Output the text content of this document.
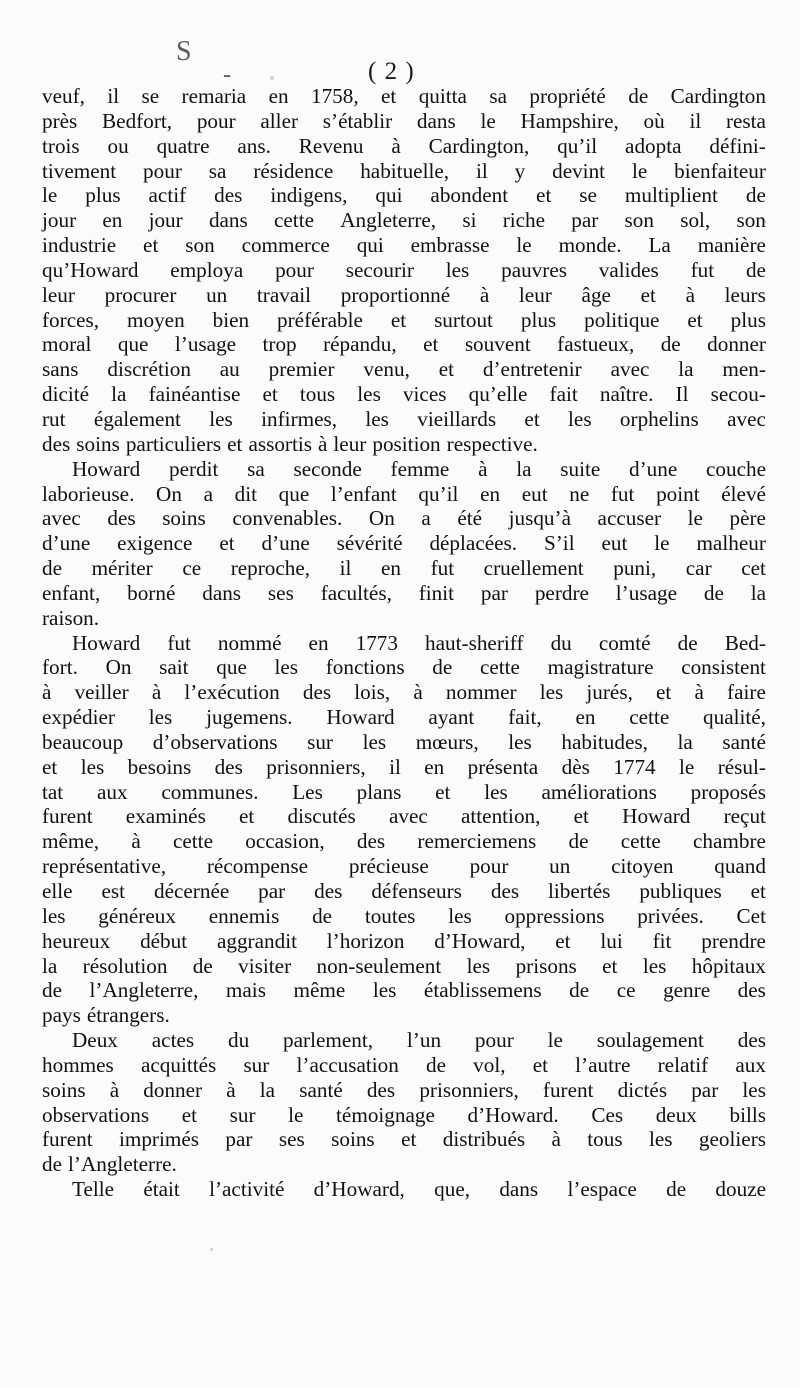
S
-	( 2 )
veuf, il se remaria en 1758, et quitta sa propriété de Cardington
près Bedfort, pour aller s’établir dans le Hampshire, où il resta
trois ou quatre ans. Revenu à Cardington, qu’il adopta défini-
tivement pour sa résidence habituelle, il y devint le bienfaiteur
le plus actif des indigens, qui abondent et se multiplient de
jour en jour dans cette Angleterre, si riche par son sol, son
industrie et son commerce qui embrasse le monde. La manière
qu’Howard employa pour secourir les pauvres valides fut de
leur procurer un travail proportionné à leur âge et à leurs
forces, moyen bien préférable et surtout plus politique et plus
moral que l’usage trop répandu, et souvent fastueux, de donner
sans discrétion au premier venu, et d’entretenir avec la men-
dicité la fainéantise et tous les vices qu’elle fait naître. Il secou-
rut également les infirmes, les vieillards et les orphelins avec
des soins particuliers et assortis à leur position respective.
Howard perdit sa seconde femme à la suite d’une couche
laborieuse. On a dit que l’enfant qu’il en eut ne fut point élevé
avec des soins convenables. On a été jusqu’à accuser le père
d’une exigence et d’une sévérité déplacées. S’il eut le malheur
de mériter ce reproche, il en fut cruellement puni, car cet
enfant, borné dans ses facultés, finit par perdre l’usage de la
raison.
Howard fut nommé en 1773 haut-sheriff du comté de Bed-
fort. On sait que les fonctions de cette magistrature consistent
à veiller à l’exécution des lois, à nommer les jurés, et à faire
expédier les jugemens. Howard ayant fait, en cette qualité,
beaucoup d’observations sur les mœurs, les habitudes, la santé
et les besoins des prisonniers, il en présenta dès 1774 le résul-
tat aux communes. Les plans et les améliorations proposés
furent examinés et discutés avec attention, et Howard reçut
même, à cette occasion, des remerciemens de cette chambre
représentative, récompense précieuse pour un citoyen quand
elle est décernée par des défenseurs des libertés publiques et
les généreux ennemis de toutes les oppressions privées. Cet
heureux début aggrandit l’horizon d’Howard, et lui fit prendre
la résolution de visiter non-seulement les prisons et les hôpitaux
de l’Angleterre, mais même les établissemens de ce genre des
pays étrangers.
Deux actes du parlement, l’un pour le soulagement des
hommes acquittés sur l’accusation de vol, et l’autre relatif aux
soins à donner à la santé des prisonniers, furent dictés par les
observations et sur le témoignage d’Howard. Ces deux bills
furent imprimés par ses soins et distribués à tous les geoliers
de l’Angleterre.
Telle était l’activité d’Howard, que, dans l’espace de douze
